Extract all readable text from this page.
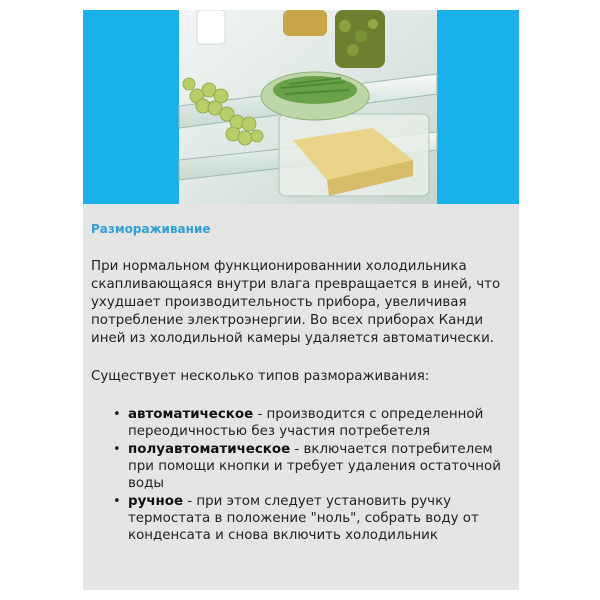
Размораживание

При нормальном функционированнии холодильника скапливающаяся внутри влага превращается в иней, что ухудшает производительность прибора, увеличивая потребление электроэнергии. Во всех приборах Канди иней из холодильной камеры удаляется автоматически.

Существует несколько типов размораживания:

• автоматическое - производится с определенной переодичностью без участия потребетеля
• полуавтоматическое - включается потребителем при помощи кнопки и требует удаления остаточной воды
• ручное - при этом следует установить ручку термостата в положение "ноль", собрать воду от конденсата и снова включить холодильник
